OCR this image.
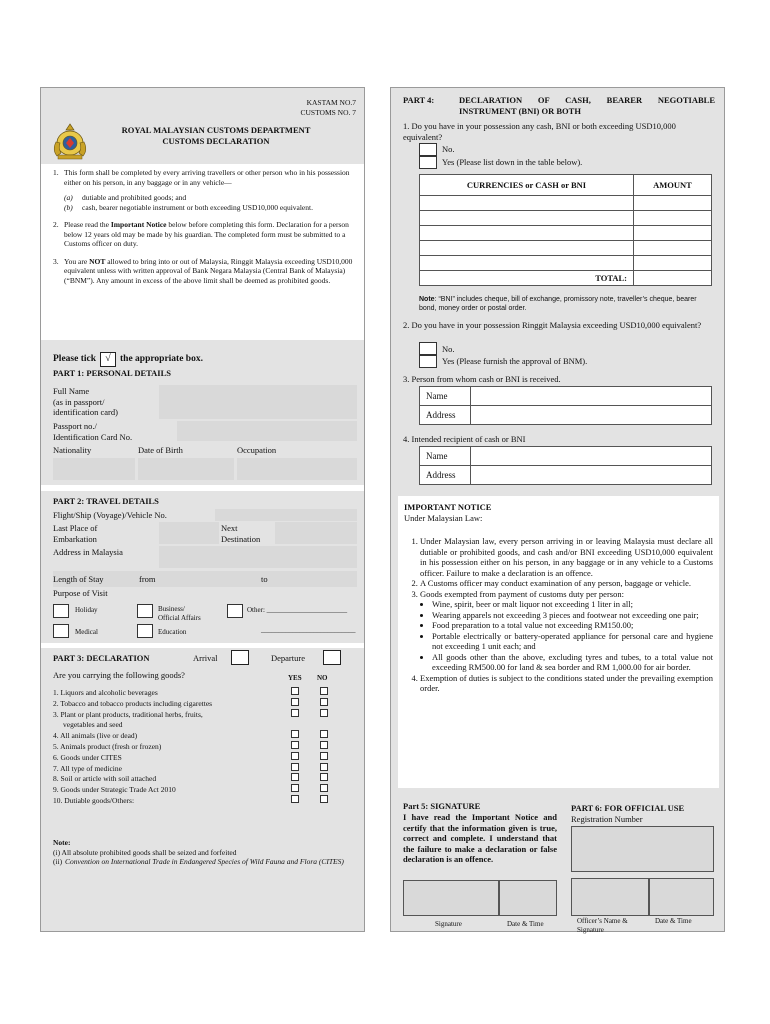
KASTAM NO.7
CUSTOMS NO. 7
ROYAL MALAYSIAN CUSTOMS DEPARTMENT
CUSTOMS DECLARATION
1. This form shall be completed by every arriving travellers or other person who in his possession either on his person, in any baggage or in any vehicle—
(a)	dutiable and prohibited goods; and
(b)	cash, bearer negotiable instrument or both exceeding USD10,000 equivalent.
2. Please read the Important Notice below before completing this form. Declaration for a person below 12 years old may be made by his guardian. The completed form must be submitted to a Customs officer on duty.
3. You are NOT allowed to bring into or out of Malaysia, Ringgit Malaysia exceeding USD10,000 equivalent unless with written approval of Bank Negara Malaysia (Central Bank of Malaysia) (“BNM”). Any amount in excess of the above limit shall be deemed as prohibited goods.
Please tick √ the appropriate box.
PART 1: PERSONAL DETAILS
Full Name
(as in passport/
identification card)
Passport no./
Identification Card No.
Nationality	Date of Birth	Occupation
PART 2: TRAVEL DETAILS
Flight/Ship (Voyage)/Vehicle No.
Last Place of
Embarkation
Next
Destination
Address in Malaysia
Length of Stay	from	to
Purpose of Visit
Holiday	Business/
Official Affairs
Other: _______________________
Medical	Education	___________________________
PART 3: DECLARATION	Arrival	Departure
Are you carrying the following goods?	YES NO
1. Liquors and alcoholic beverages
2. Tobacco and tobacco products including cigarettes
3. Plant or plant products, traditional herbs, fruits,
vegetables and seed
4. All animals (live or dead)
5. Animals product (fresh or frozen)
6. Goods under CITES
7. All type of medicine
8. Soil or article with soil attached
9. Goods under Strategic Trade Act 2010
10. Dutiable goods/Others:
Note:
(i) All absolute prohibited goods shall be seized and forfeited
(ii) Convention on International Trade in Endangered Species of Wild Fauna and Flora (CITES)
PART 4:	DECLARATION OF CASH, BEARER NEGOTIABLE
INSTRUMENT (BNI) OR BOTH
1. Do you have in your possession any cash, BNI or both exceeding USD10,000 equivalent?
No.
Yes (Please list down in the table below).
CURRENCIES or CASH or BNI	AMOUNT

TOTAL:	
Note: “BNI” includes cheque, bill of exchange, promissory note, traveller’s cheque, bearer bond, money order or postal order.
2. Do you have in your possession Ringgit Malaysia exceeding USD10,000 equivalent?
No.
Yes (Please furnish the approval of BNM).
3. Person from whom cash or BNI is received.
Name	
Address	
4. Intended recipient of cash or BNI
Name	
Address	
IMPORTANT NOTICE
Under Malaysian Law:
1. Under Malaysian law, every person arriving in or leaving Malaysia must declare all dutiable or prohibited goods, and cash and/or BNI exceeding USD10,000 equivalent in his possession either on his person, in any baggage or in any vehicle to a Customs officer. Failure to make a declaration is an offence.
2. A Customs officer may conduct examination of any person, baggage or vehicle.
3. Goods exempted from payment of customs duty per person:
• Wine, spirit, beer or malt liquor not exceeding 1 liter in all;
• Wearing apparels not exceeding 3 pieces and footwear not exceeding one pair;
• Food preparation to a total value not exceeding RM150.00;
• Portable electrically or battery-operated appliance for personal care and hygiene not exceeding 1 unit each; and
• All goods other than the above, excluding tyres and tubes, to a total value not exceeding RM500.00 for land & sea border and RM 1,000.00 for air border.
4. Exemption of duties is subject to the conditions stated under the prevailing exemption order.
Part 5: SIGNATURE
I have read the Important Notice and certify that the information given is true, correct and complete. I understand that the failure to make a declaration or false declaration is an offence.
Signature	Date & Time
PART 6: FOR OFFICIAL USE
Registration Number
Officer’s Name & Signature
Date & Time
